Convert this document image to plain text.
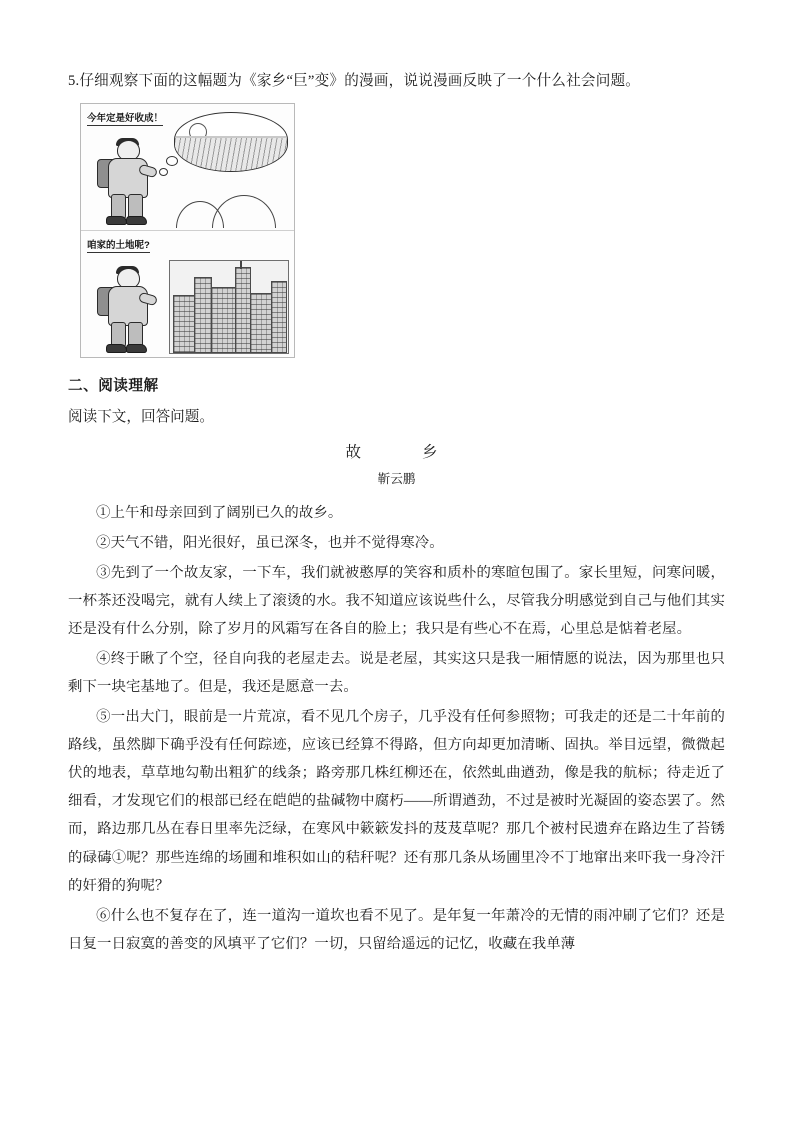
5.仔细观察下面的这幅题为《家乡“巨”变》的漫画，说说漫画反映了一个什么社会问题。
今年定是好收成！
咱家的土地呢?
二、阅读理解
阅读下文，回答问题。
故　　乡
靳云鹏

①上午和母亲回到了阔别已久的故乡。

②天气不错，阳光很好，虽已深冬，也并不觉得寒冷。

③先到了一个故友家，一下车，我们就被憨厚的笑容和质朴的寒暄包围了。家长里短，问寒问暖，一杯茶还没喝完，就有人续上了滚烫的水。我不知道应该说些什么，尽管我分明感觉到自己与他们其实还是没有什么分别，除了岁月的风霜写在各自的脸上；我只是有些心不在焉，心里总是惦着老屋。

④终于瞅了个空，径自向我的老屋走去。说是老屋，其实这只是我一厢情愿的说法，因为那里也只剩下一块宅基地了。但是，我还是愿意一去。

⑤一出大门，眼前是一片荒凉，看不见几个房子，几乎没有任何参照物；可我走的还是二十年前的路线，虽然脚下确乎没有任何踪迹，应该已经算不得路，但方向却更加清晰、固执。举目远望，微微起伏的地表，草草地勾勒出粗犷的线条；路旁那几株红柳还在，依然虬曲遒劲，像是我的航标；待走近了细看，才发现它们的根部已经在皑皑的盐碱物中腐朽——所谓遒劲，不过是被时光凝固的姿态罢了。然而，路边那几丛在春日里率先泛绿，在寒风中簌簌发抖的芨芨草呢？那几个被村民遗弃在路边生了苔锈的碌碡①呢？那些连绵的场圃和堆积如山的秸秆呢？还有那几条从场圃里冷不丁地窜出来吓我一身冷汗的奸猾的狗呢？

⑥什么也不复存在了，连一道沟一道坎也看不见了。是年复一年萧冷的无情的雨冲刷了它们？还是日复一日寂寞的善变的风填平了它们？一切，只留给遥远的记忆，收藏在我单薄
